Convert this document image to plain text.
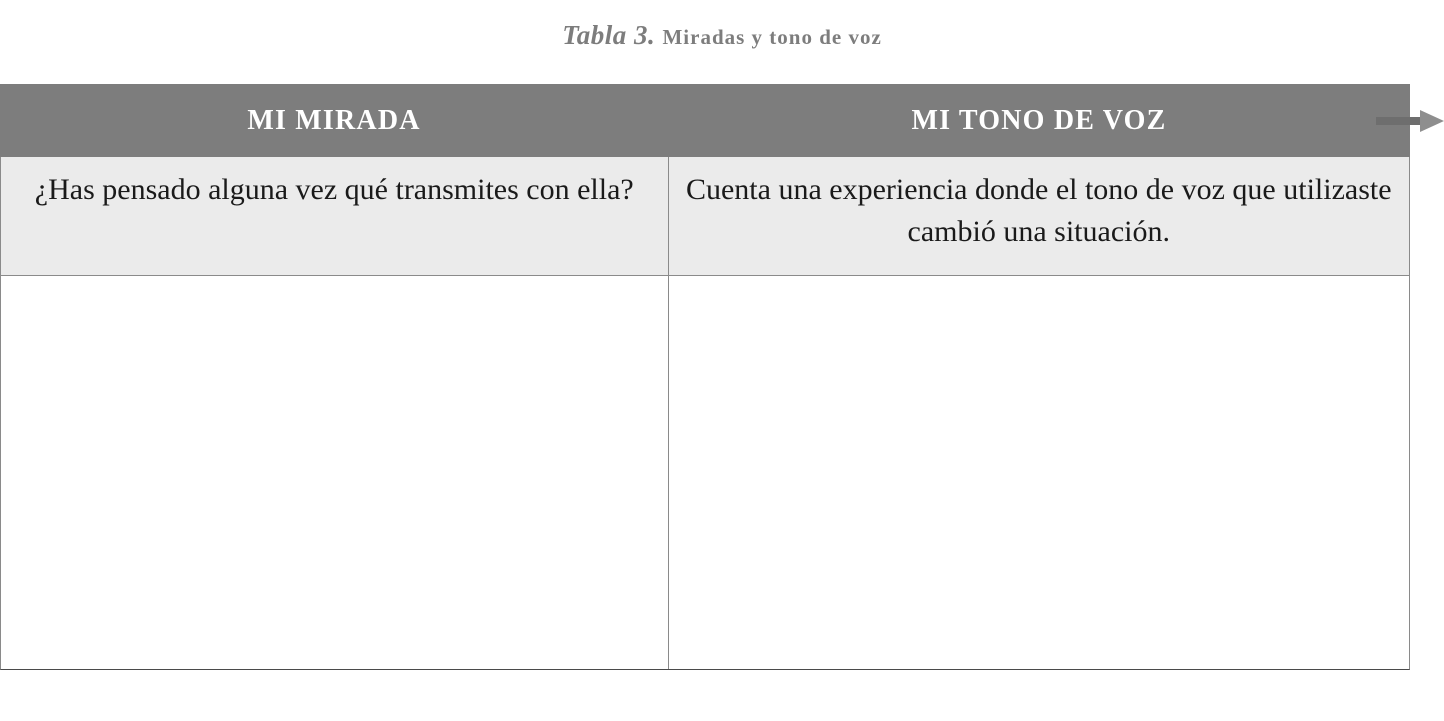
Tabla 3. Miradas y tono de voz
MI MIRADA	MI TONO DE VOZ
¿Has pensado alguna vez qué transmites con ella?	Cuenta una experiencia donde el tono de voz que utilizaste cambió una situación.
